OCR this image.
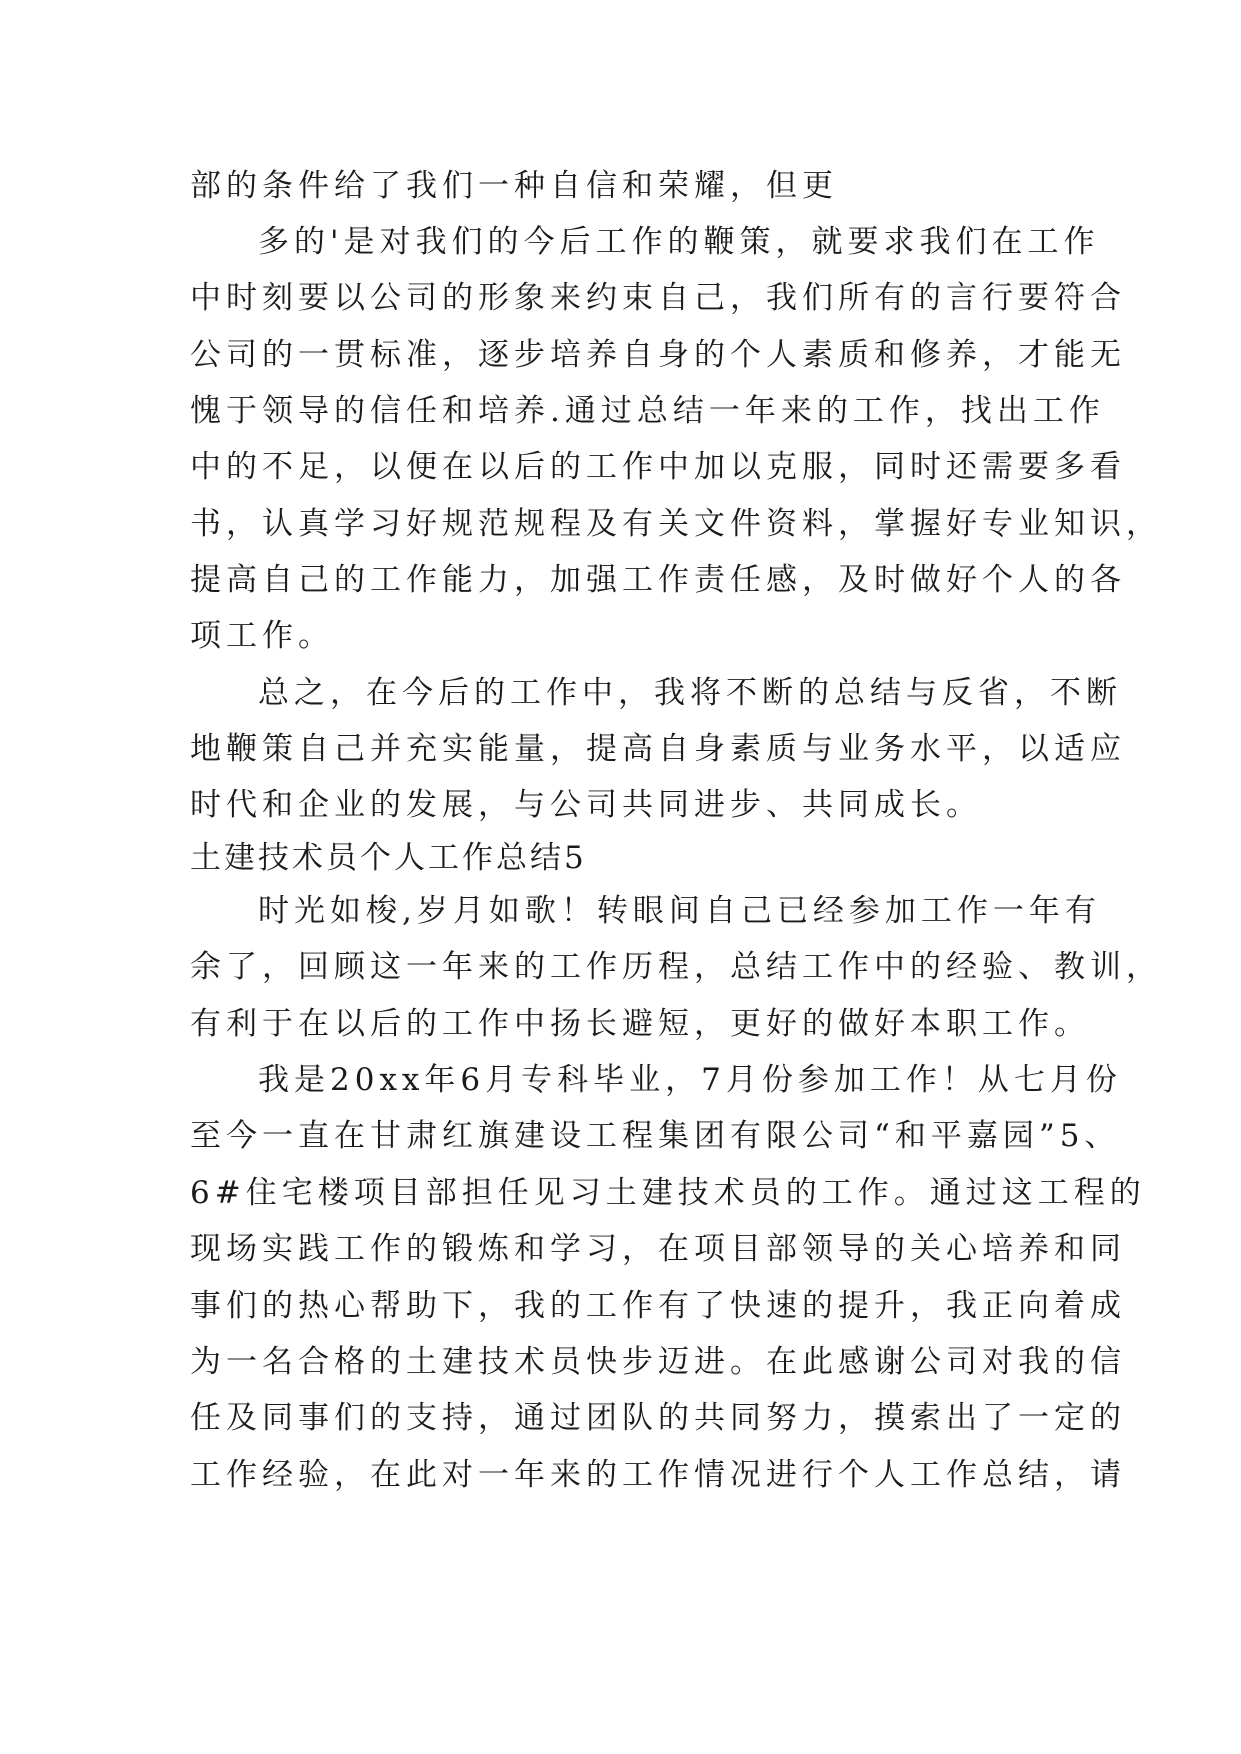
部的条件给了我们一种自信和荣耀，但更

多的'是对我们的今后工作的鞭策，就要求我们在工作

中时刻要以公司的形象来约束自己，我们所有的言行要符合

公司的一贯标准，逐步培养自身的个人素质和修养，才能无

愧于领导的信任和培养.通过总结一年来的工作，找出工作

中的不足，以便在以后的工作中加以克服，同时还需要多看

书，认真学习好规范规程及有关文件资料，掌握好专业知识，

提高自己的工作能力，加强工作责任感，及时做好个人的各

项工作。

总之，在今后的工作中，我将不断的总结与反省，不断

地鞭策自己并充实能量，提高自身素质与业务水平，以适应

时代和企业的发展，与公司共同进步、共同成长。

土建技术员个人工作总结5

时光如梭,岁月如歌！转眼间自己已经参加工作一年有

余了，回顾这一年来的工作历程，总结工作中的经验、教训，

有利于在以后的工作中扬长避短，更好的做好本职工作。

我是20xx年6月专科毕业，7月份参加工作！从七月份

至今一直在甘肃红旗建设工程集团有限公司“和平嘉园”5、

6#住宅楼项目部担任见习土建技术员的工作。通过这工程的

现场实践工作的锻炼和学习，在项目部领导的关心培养和同

事们的热心帮助下，我的工作有了快速的提升，我正向着成

为一名合格的土建技术员快步迈进。在此感谢公司对我的信

任及同事们的支持，通过团队的共同努力，摸索出了一定的

工作经验，在此对一年来的工作情况进行个人工作总结，请
